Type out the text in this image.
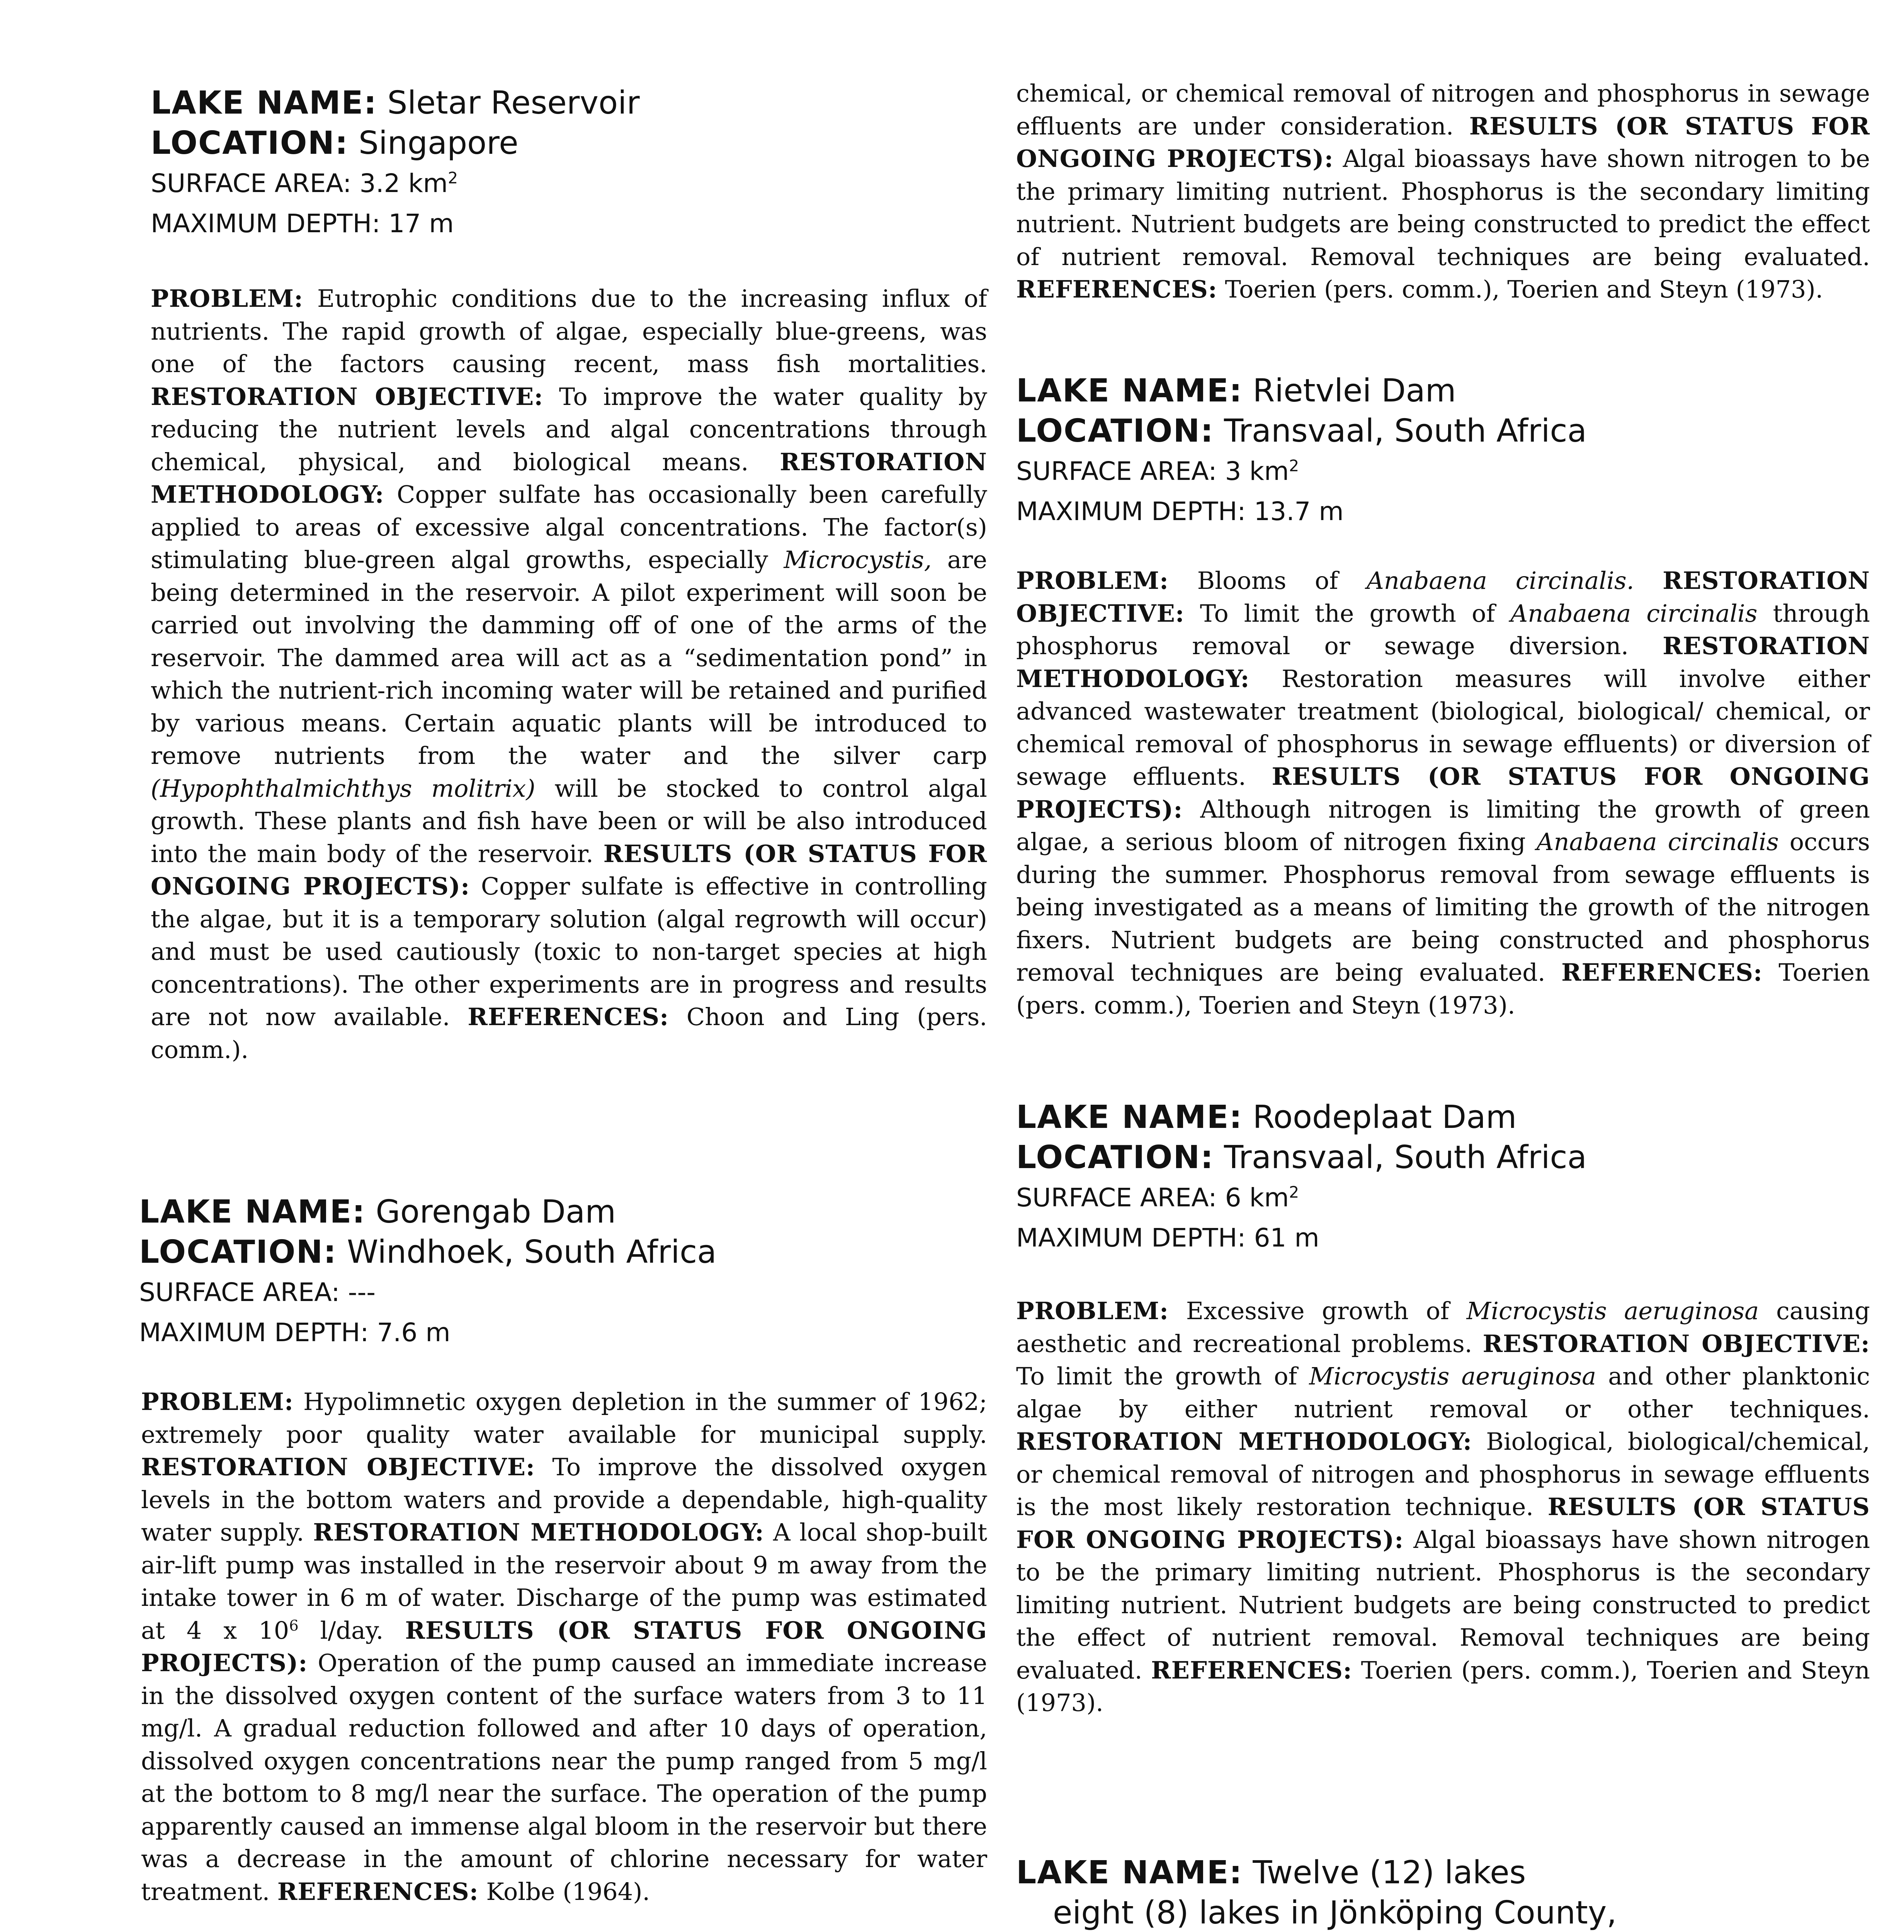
LAKE NAME: Sletar Reservoir
LOCATION: Singapore
SURFACE AREA: 3.2 $km^2$
MAXIMUM DEPTH: 17 m
PROBLEM: Eutrophic conditions due to the increasing influx of nutrients. The rapid growth of algae, especially blue-greens, was one of the factors causing recent, mass fish mortalities. RESTORATION OBJECTIVE: To improve the water quality by reducing the nutrient levels and algal concentrations through chemical, physical, and biological means. RESTORATION METHODOLOGY: Copper sulfate has occasionally been carefully applied to areas of excessive algal concentrations. The factor(s) stimulating blue-green algal growths, especially Microcystis, are being determined in the reservoir. A pilot experiment will soon be carried out involving the damming off of one of the arms of the reservoir. The dammed area will act as a “sedimentation pond” in which the nutrient-rich incoming water will be retained and purified by various means. Certain aquatic plants will be introduced to remove nutrients from the water and the silver carp (Hypophthalmichthys molitrix) will be stocked to control algal growth. These plants and fish have been or will be also introduced into the main body of the reservoir. RESULTS (OR STATUS FOR ONGOING PROJECTS): Copper sulfate is effective in controlling the algae, but it is a temporary solution (algal regrowth will occur) and must be used cautiously (toxic to non-target species at high concentrations). The other experiments are in progress and results are not now available. REFERENCES: Choon and Ling (pers. comm.).
LAKE NAME: Gorengab Dam
LOCATION: Windhoek, South Africa
SURFACE AREA: ---
MAXIMUM DEPTH: 7.6 m
PROBLEM: Hypolimnetic oxygen depletion in the summer of 1962; extremely poor quality water available for municipal supply. RESTORATION OBJECTIVE: To improve the dissolved oxygen levels in the bottom waters and provide a dependable, high-quality water supply. RESTORATION METHODOLOGY: A local shop-built air-lift pump was installed in the reservoir about 9 m away from the intake tower in 6 m of water. Discharge of the pump was estimated at 4 x $10^6$ l/day. RESULTS (OR STATUS FOR ONGOING PROJECTS): Operation of the pump caused an immediate increase in the dissolved oxygen content of the surface waters from 3 to 11 mg/l. A gradual reduction followed and after 10 days of operation, dissolved oxygen concentrations near the pump ranged from 5 mg/l at the bottom to 8 mg/l near the surface. The operation of the pump apparently caused an immense algal bloom in the reservoir but there was a decrease in the amount of chlorine necessary for water treatment. REFERENCES: Kolbe (1964).
chemical, or chemical removal of nitrogen and phosphorus in sewage effluents are under consideration. RESULTS (OR STATUS FOR ONGOING PROJECTS): Algal bioassays have shown nitrogen to be the primary limiting nutrient. Phosphorus is the secondary limiting nutrient. Nutrient budgets are being constructed to predict the effect of nutrient removal. Removal techniques are being evaluated. REFERENCES: Toerien (pers. comm.), Toerien and Steyn (1973).
LAKE NAME: Rietvlei Dam
LOCATION: Transvaal, South Africa
SURFACE AREA: 3 $km^2$
MAXIMUM DEPTH: 13.7 m
PROBLEM: Blooms of Anabaena circinalis. RESTORATION OBJECTIVE: To limit the growth of Anabaena circinalis through phosphorus removal or sewage diversion. RESTORATION METHODOLOGY: Restoration measures will involve either advanced wastewater treatment (biological, biological/ chemical, or chemical removal of phosphorus in sewage effluents) or diversion of sewage effluents. RESULTS (OR STATUS FOR ONGOING PROJECTS): Although nitrogen is limiting the growth of green algae, a serious bloom of nitrogen fixing Anabaena circinalis occurs during the summer. Phosphorus removal from sewage effluents is being investigated as a means of limiting the growth of the nitrogen fixers. Nutrient budgets are being constructed and phosphorus removal techniques are being evaluated. REFERENCES: Toerien (pers. comm.), Toerien and Steyn (1973).
LAKE NAME: Roodeplaat Dam
LOCATION: Transvaal, South Africa
SURFACE AREA: 6 $km^2$
MAXIMUM DEPTH: 61 m
PROBLEM: Excessive growth of Microcystis aeruginosa causing aesthetic and recreational problems. RESTORATION OBJECTIVE: To limit the growth of Microcystis aeruginosa and other planktonic algae by either nutrient removal or other techniques. RESTORATION METHODOLOGY: Biological, biological/chemical, or chemical removal of nitrogen and phosphorus in sewage effluents is the most likely restoration technique. RESULTS (OR STATUS FOR ONGOING PROJECTS): Algal bioassays have shown nitrogen to be the primary limiting nutrient. Phosphorus is the secondary limiting nutrient. Nutrient budgets are being constructed to predict the effect of nutrient removal. Removal techniques are being evaluated. REFERENCES: Toerien (pers. comm.), Toerien and Steyn (1973).
LAKE NAME: Twelve (12) lakes
eight (8) lakes in Jönköping County,
